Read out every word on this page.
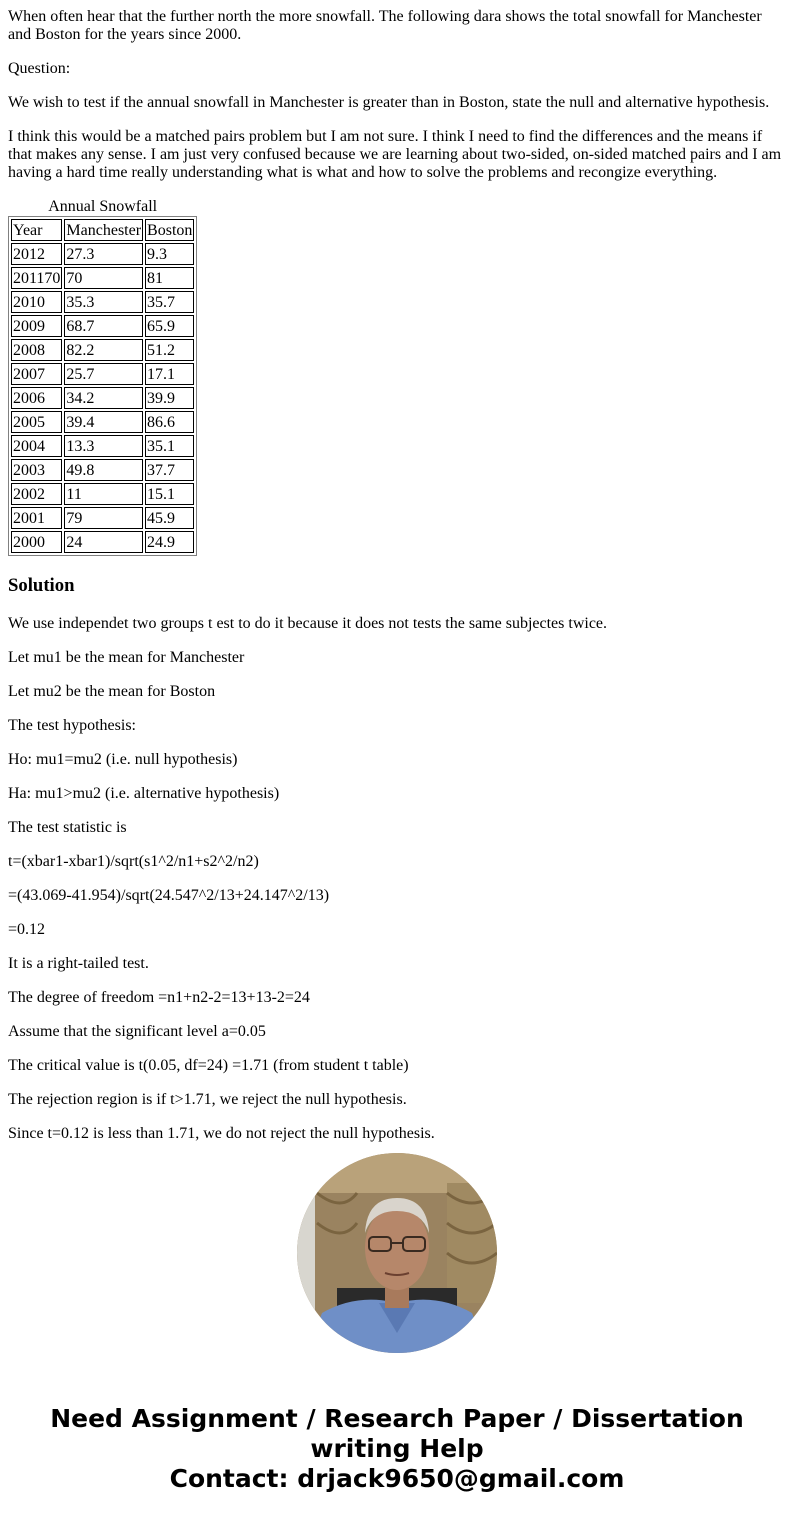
When often hear that the further north the more snowfall. The following dara shows the total snowfall for Manchester and Boston for the years since 2000.

Question:

We wish to test if the annual snowfall in Manchester is greater than in Boston, state the null and alternative hypothesis.

I think this would be a matched pairs problem but I am not sure. I think I need to find the differences and the means if that makes any sense. I am just very confused because we are learning about two-sided, on-sided matched pairs and I am having a hard time really understanding what is what and how to solve the problems and recongize everything.

Annual Snowfall
Year	Manchester	Boston
2012	27.3	9.3
201170	70	81
2010	35.3	35.7
2009	68.7	65.9
2008	82.2	51.2
2007	25.7	17.1
2006	34.2	39.9
2005	39.4	86.6
2004	13.3	35.1
2003	49.8	37.7
2002	11	15.1
2001	79	45.9
2000	24	24.9
Solution

We use independet two groups t est to do it because it does not tests the same subjectes twice.

Let mu1 be the mean for Manchester

Let mu2 be the mean for Boston

The test hypothesis:

Ho: mu1=mu2 (i.e. null hypothesis)

Ha: mu1>mu2 (i.e. alternative hypothesis)

The test statistic is

t=(xbar1-xbar1)/sqrt(s1^2/n1+s2^2/n2)

=(43.069-41.954)/sqrt(24.547^2/13+24.147^2/13)

=0.12

It is a right-tailed test.

The degree of freedom =n1+n2-2=13+13-2=24

Assume that the significant level a=0.05

The critical value is t(0.05, df=24) =1.71 (from student t table)

The rejection region is if t>1.71, we reject the null hypothesis.

Since t=0.12 is less than 1.71, we do not reject the null hypothesis.

Need Assignment / Research Paper / Dissertation
writing Help
Contact: drjack9650@gmail.com
